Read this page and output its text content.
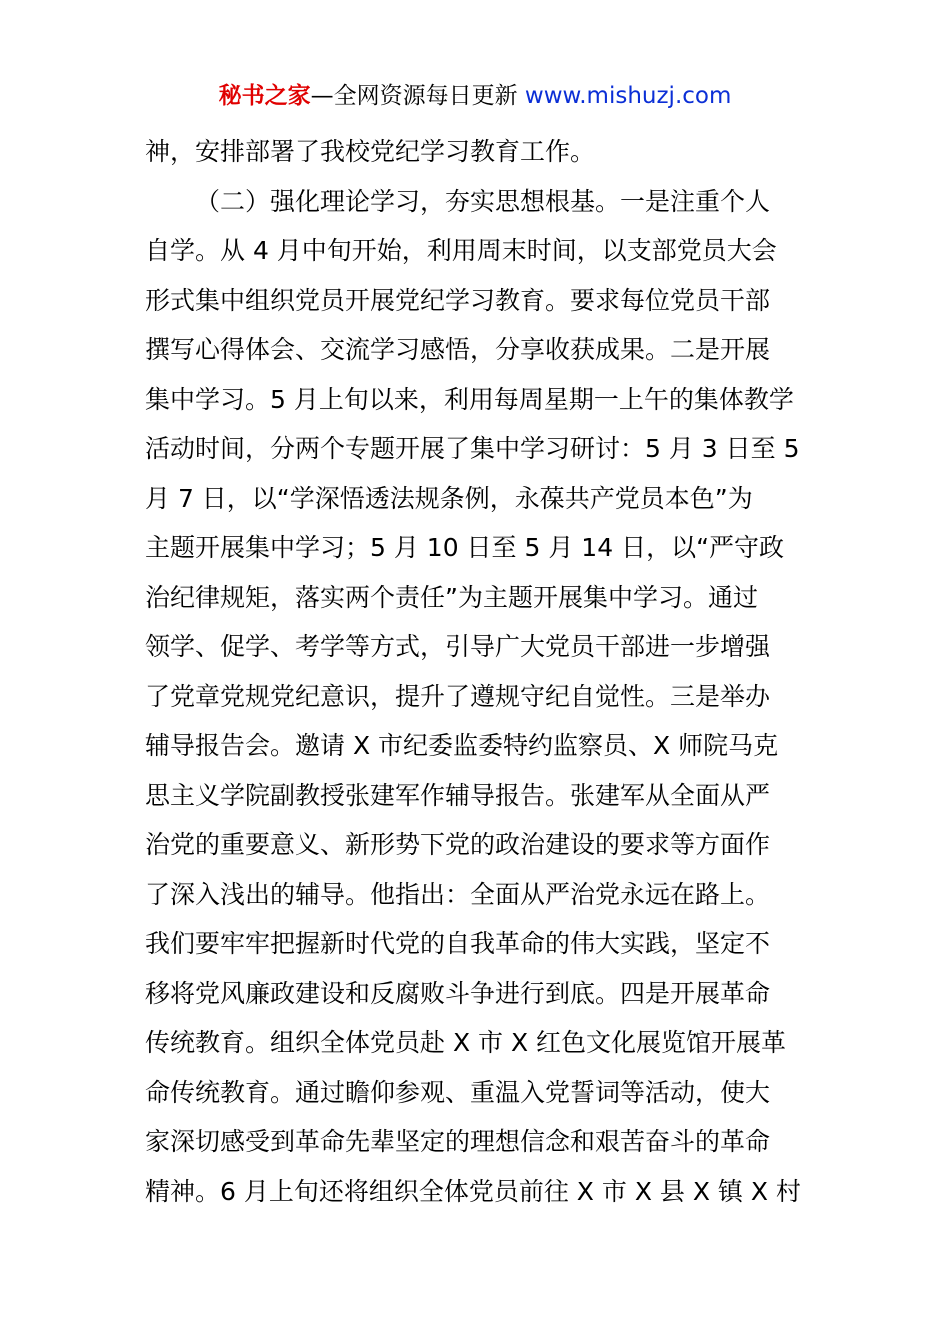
秘书之家—全网资源每日更新 www.mishuzj.com
神，安排部署了我校党纪学习教育工作。
（二）强化理论学习，夯实思想根基。一是注重个人
自学。从 4 月中旬开始，利用周末时间，以支部党员大会
形式集中组织党员开展党纪学习教育。要求每位党员干部
撰写心得体会、交流学习感悟，分享收获成果。二是开展
集中学习。5 月上旬以来，利用每周星期一上午的集体教学
活动时间，分两个专题开展了集中学习研讨：5 月 3 日至 5
月 7 日，以“学深悟透法规条例，永葆共产党员本色”为
主题开展集中学习；5 月 10 日至 5 月 14 日，以“严守政
治纪律规矩，落实两个责任”为主题开展集中学习。通过
领学、促学、考学等方式，引导广大党员干部进一步增强
了党章党规党纪意识，提升了遵规守纪自觉性。三是举办
辅导报告会。邀请 X 市纪委监委特约监察员、X 师院马克
思主义学院副教授张建军作辅导报告。张建军从全面从严
治党的重要意义、新形势下党的政治建设的要求等方面作
了深入浅出的辅导。他指出：全面从严治党永远在路上。
我们要牢牢把握新时代党的自我革命的伟大实践，坚定不
移将党风廉政建设和反腐败斗争进行到底。四是开展革命
传统教育。组织全体党员赴 X 市 X 红色文化展览馆开展革
命传统教育。通过瞻仰参观、重温入党誓词等活动，使大
家深切感受到革命先辈坚定的理想信念和艰苦奋斗的革命
精神。6 月上旬还将组织全体党员前往 X 市 X 县 X 镇 X 村
